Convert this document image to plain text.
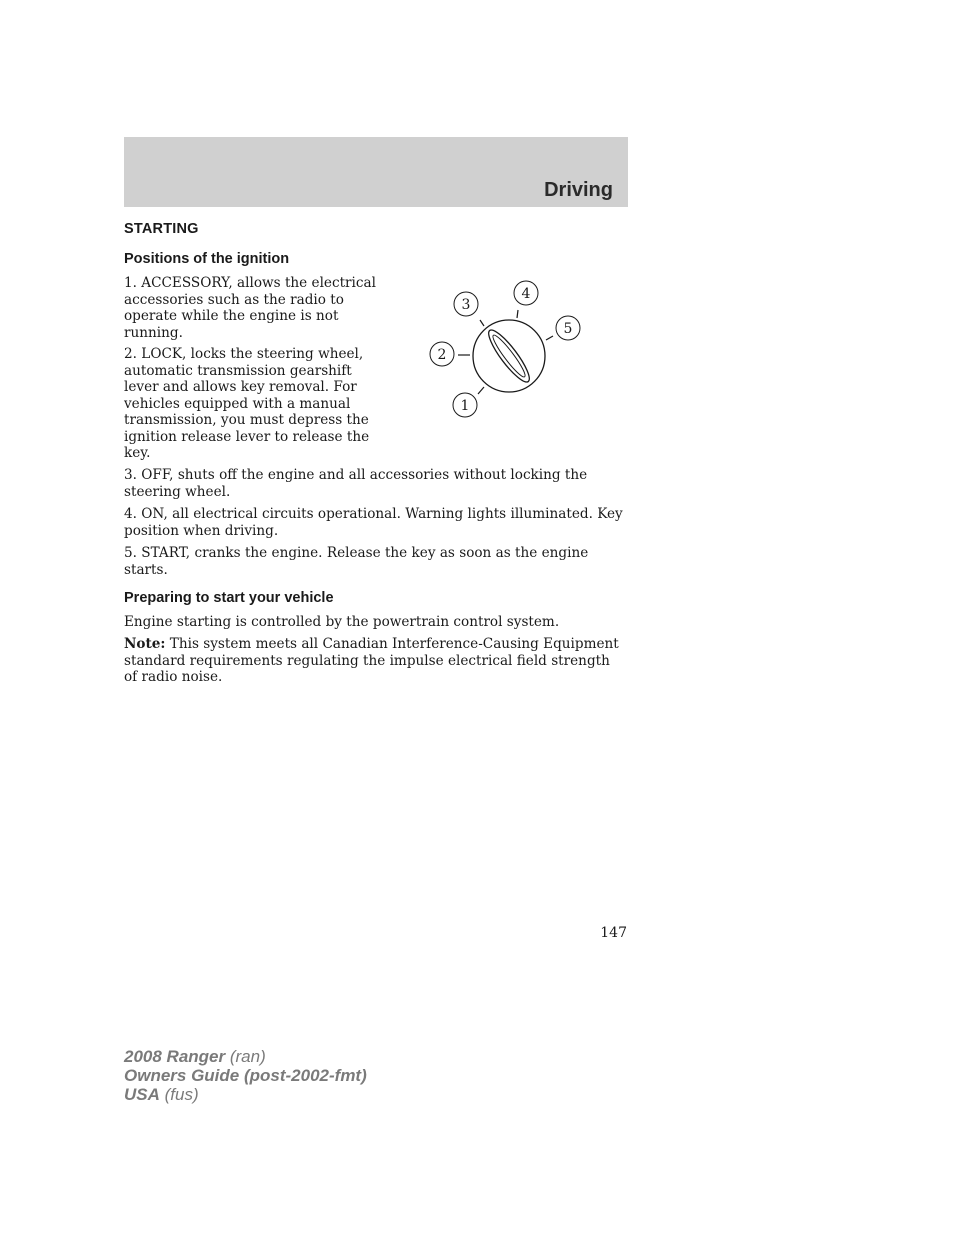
Driving
STARTING
Positions of the ignition

1. ACCESSORY, allows the electrical accessories such as the radio to operate while the engine is not running.

2. LOCK, locks the steering wheel, automatic transmission gearshift lever and allows key removal. For vehicles equipped with a manual transmission, you must depress the ignition release lever to release the key.

3. OFF, shuts off the engine and all accessories without locking the steering wheel.

4. ON, all electrical circuits operational. Warning lights illuminated. Key position when driving.

5. START, cranks the engine. Release the key as soon as the engine starts.

1
2
3
4
5
Preparing to start your vehicle

Engine starting is controlled by the powertrain control system.

Note: This system meets all Canadian Interference-Causing Equipment standard requirements regulating the impulse electrical field strength of radio noise.

147
2008 Ranger (ran)
Owners Guide (post-2002-fmt)
USA (fus)
